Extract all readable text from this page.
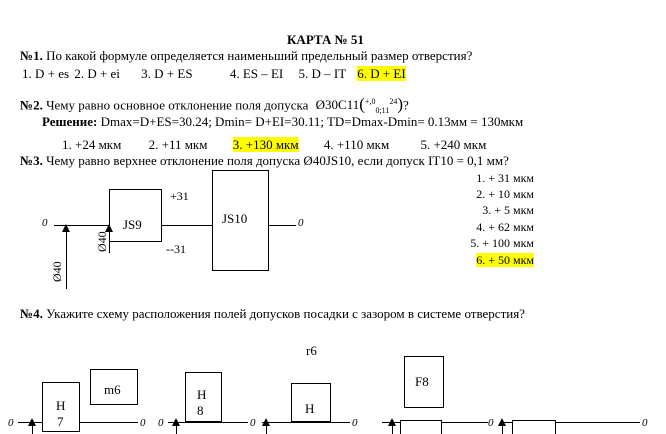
КАРТА № 51
№1. По какой формуле определяется наименьший предельный размер отверстия?
1. D + es 2. D + ei 3. D + ES	4. ES – EI 5. D – IT 6. D + EI
№2. Чему равно основное отклонение поля допуска Ø30С11($^{+,0}_{0;11}^{24}$)?
Решение: Dmax=D+ES=30.24; Dmin= D+EI=30.11; TD=Dmax-Dmin= 0.13мм = 130мкм
1. +24 мкм 2. +11 мкм 3. +130 мкм 4. +110 мкм 5. +240 мкм
№3. Чему равно верхнее отклонение поля допуска Ø40JS10, если допуск IT10 = 0,1 мм?
1. + 31 мкм
2. + 10 мкм
3. + 5 мкм
4. + 62 мкм
5. + 100 мкм
6. + 50 мкм
0	0
JS9	JS10
+31
--31
Ø40
Ø40
№4. Укажите схему расположения полей допусков посадки с зазором в системе отверстия?
r6
0	0
H
7
m6
0
H
8
0
H
0
F8
0	0
